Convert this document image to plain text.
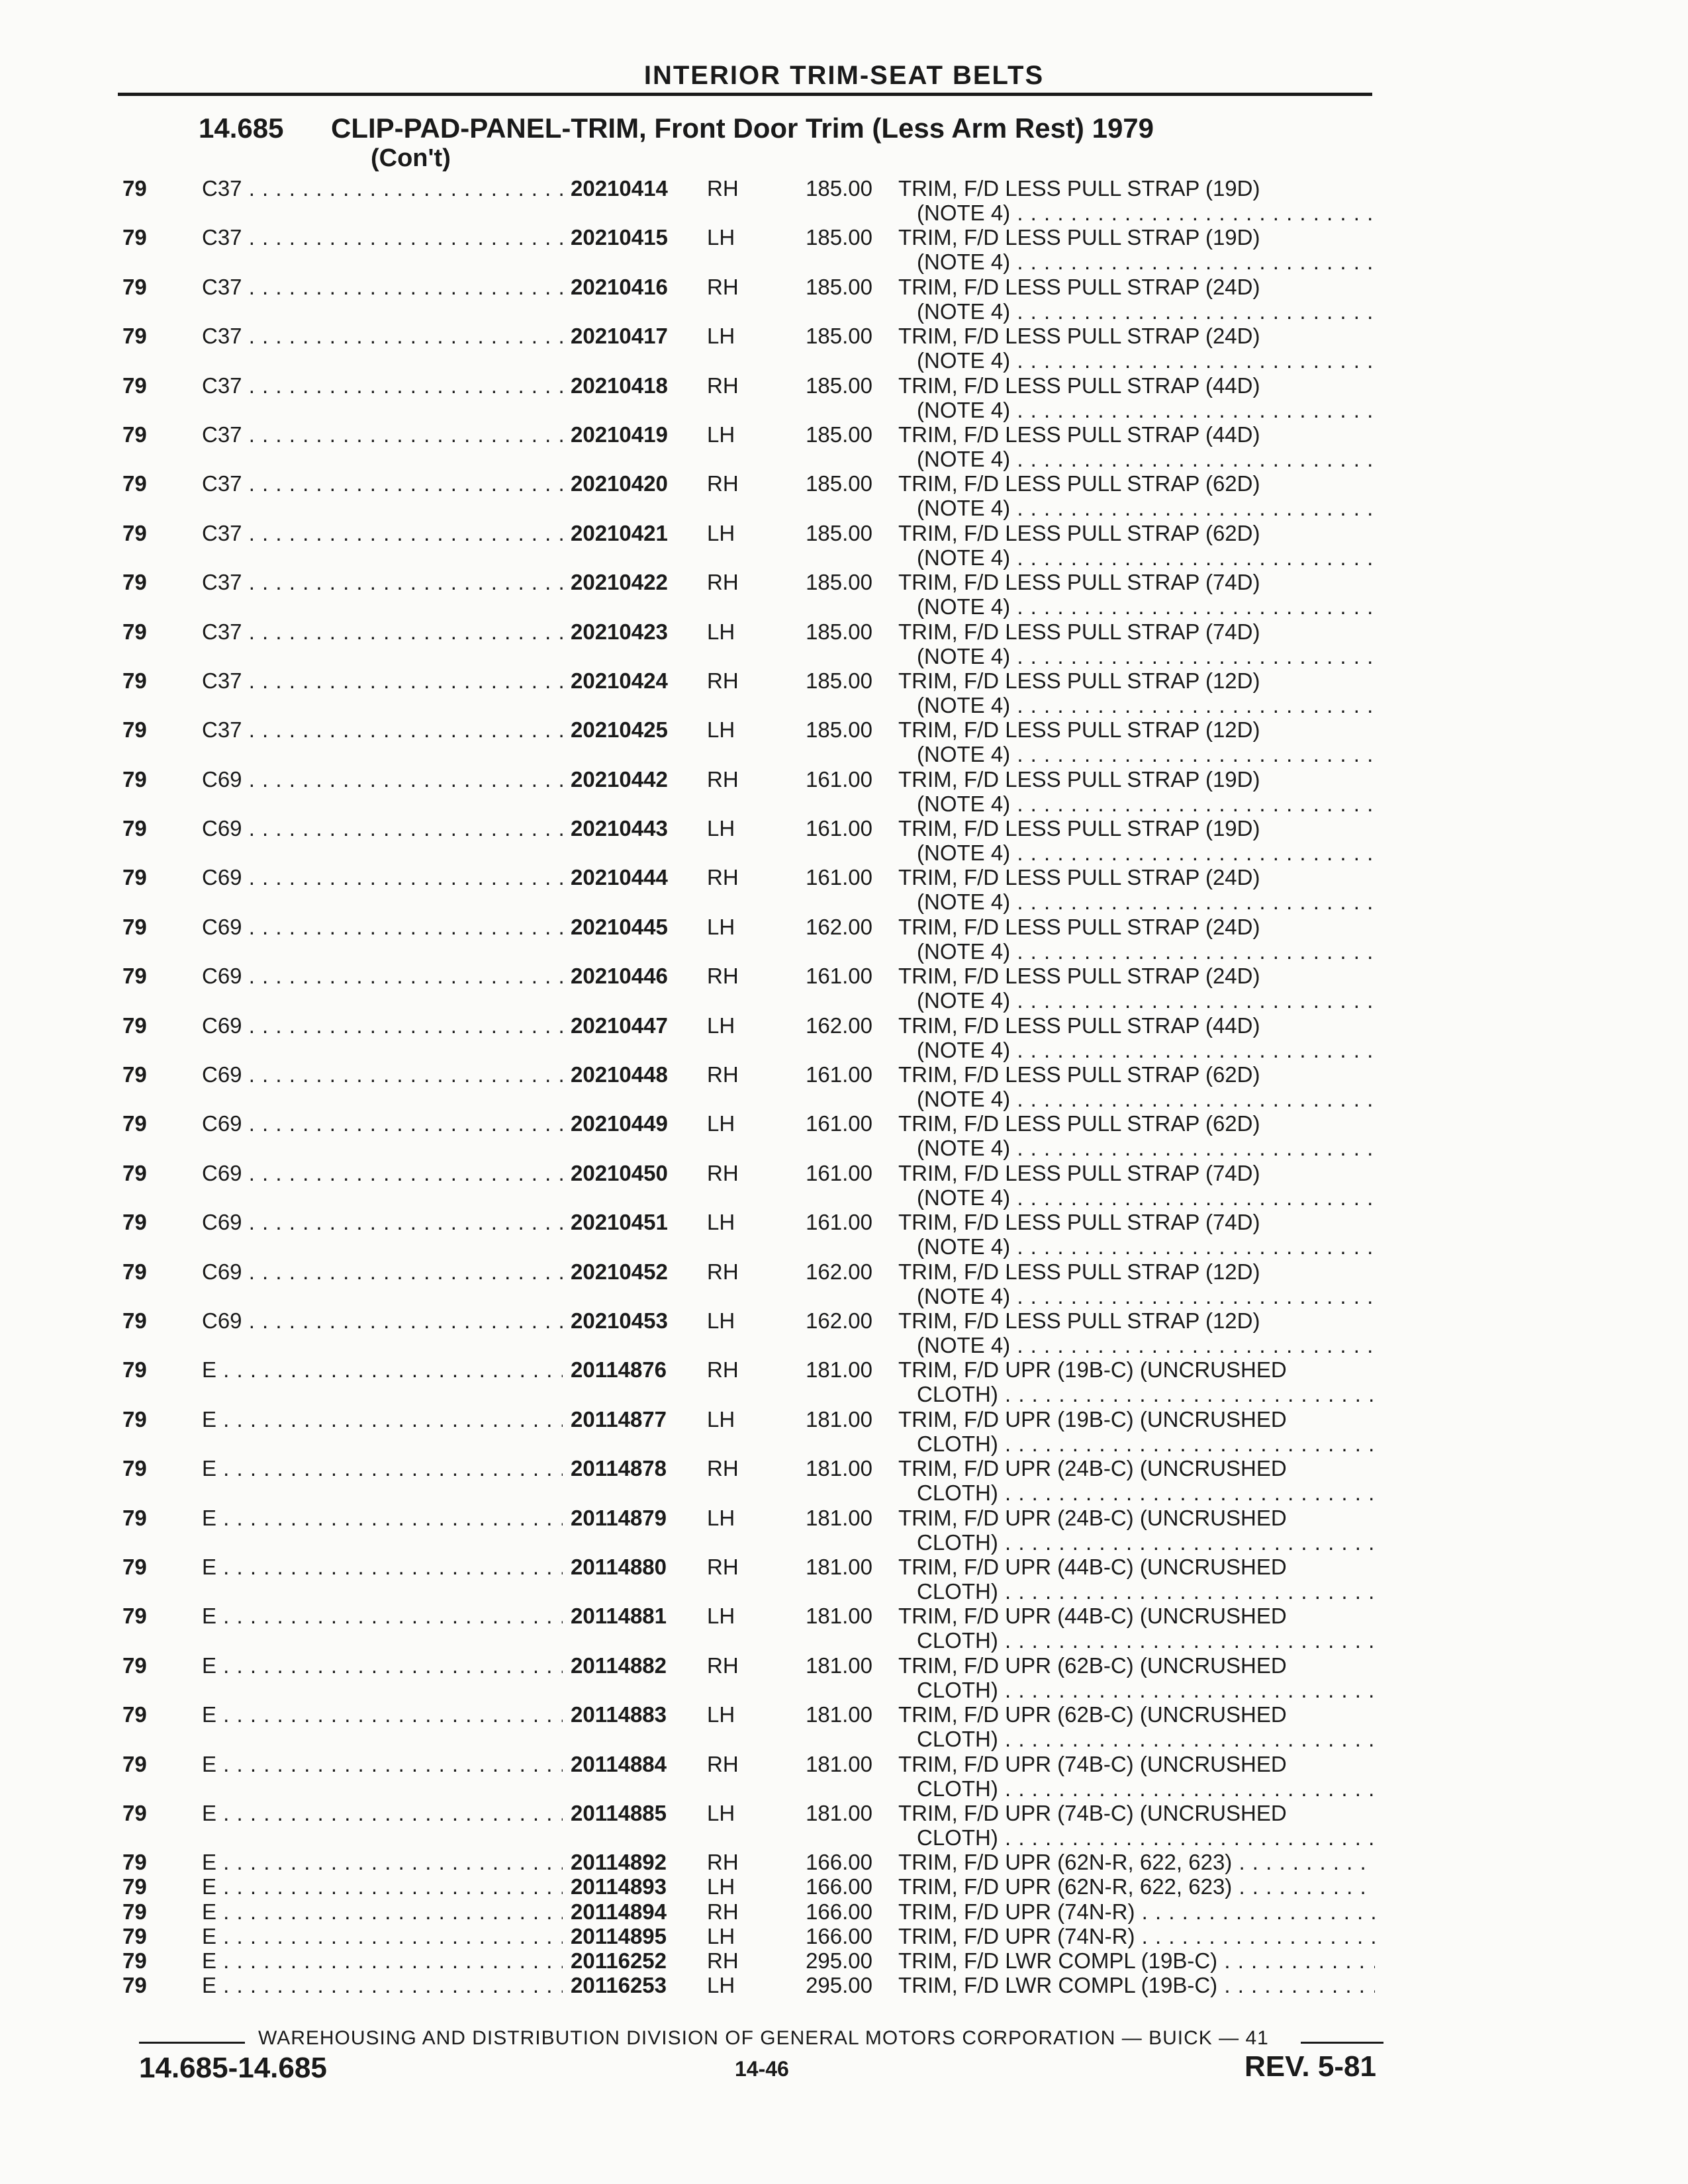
INTERIOR TRIM-SEAT BELTS
14.685 CLIP-PAD-PANEL-TRIM, Front Door Trim (Less Arm Rest) 1979
(Con't)
79	C37 . . .	20210414 RH	185.00 TRIM, F/D LESS PULL STRAP (19D)
(NOTE 4) . . .
79	C37 . . .	20210415 LH	185.00 TRIM, F/D LESS PULL STRAP (19D)
(NOTE 4) . . .
79	C37 . . .	20210416 RH	185.00 TRIM, F/D LESS PULL STRAP (24D)
(NOTE 4) . . .
79	C37 . . .	20210417 LH	185.00 TRIM, F/D LESS PULL STRAP (24D)
(NOTE 4) . . .
79	C37 . . .	20210418 RH	185.00 TRIM, F/D LESS PULL STRAP (44D)
(NOTE 4) . . .
79	C37 . . .	20210419 LH	185.00 TRIM, F/D LESS PULL STRAP (44D)
(NOTE 4) . . .
79	C37 . . .	20210420 RH	185.00 TRIM, F/D LESS PULL STRAP (62D)
(NOTE 4) . . .
79	C37 . . .	20210421 LH	185.00 TRIM, F/D LESS PULL STRAP (62D)
(NOTE 4) . . .
79	C37 . . .	20210422 RH	185.00 TRIM, F/D LESS PULL STRAP (74D)
(NOTE 4) . . .
79	C37 . . .	20210423 LH	185.00 TRIM, F/D LESS PULL STRAP (74D)
(NOTE 4) . . .
79	C37 . . .	20210424 RH	185.00 TRIM, F/D LESS PULL STRAP (12D)
(NOTE 4) . . .
79	C37 . . .	20210425 LH	185.00 TRIM, F/D LESS PULL STRAP (12D)
(NOTE 4) . . .
79	C69 . . .	20210442 RH	161.00 TRIM, F/D LESS PULL STRAP (19D)
(NOTE 4) . . .
79	C69 . . .	20210443 LH	161.00 TRIM, F/D LESS PULL STRAP (19D)
(NOTE 4) . . .
79	C69 . . .	20210444 RH	161.00 TRIM, F/D LESS PULL STRAP (24D)
(NOTE 4) . . .
79	C69 . . .	20210445 LH	162.00 TRIM, F/D LESS PULL STRAP (24D)
(NOTE 4) . . .
79	C69 . . .	20210446 RH	161.00 TRIM, F/D LESS PULL STRAP (24D)
(NOTE 4) . . .
79	C69 . . .	20210447 LH	162.00 TRIM, F/D LESS PULL STRAP (44D)
(NOTE 4) . . .
79	C69 . . .	20210448 RH	161.00 TRIM, F/D LESS PULL STRAP (62D)
(NOTE 4) . . .
79	C69 . . .	20210449 LH	161.00 TRIM, F/D LESS PULL STRAP (62D)
(NOTE 4) . . .
79	C69 . . .	20210450 RH	161.00 TRIM, F/D LESS PULL STRAP (74D)
(NOTE 4) . . .
79	C69 . . .	20210451 LH	161.00 TRIM, F/D LESS PULL STRAP (74D)
(NOTE 4) . . .
79	C69 . . .	20210452 RH	162.00 TRIM, F/D LESS PULL STRAP (12D)
(NOTE 4) . . .
79	C69 . . .	20210453 LH	162.00 TRIM, F/D LESS PULL STRAP (12D)
(NOTE 4) . . .
79	E . . .	20114876 RH	181.00 TRIM, F/D UPR (19B-C) (UNCRUSHED
CLOTH) . . .
79	E . . .	20114877 LH	181.00 TRIM, F/D UPR (19B-C) (UNCRUSHED
CLOTH) . . .
79	E . . .	20114878 RH	181.00 TRIM, F/D UPR (24B-C) (UNCRUSHED
CLOTH) . . .
79	E . . .	20114879 LH	181.00 TRIM, F/D UPR (24B-C) (UNCRUSHED
CLOTH) . . .
79	E . . .	20114880 RH	181.00 TRIM, F/D UPR (44B-C) (UNCRUSHED
CLOTH) . . .
79	E . . .	20114881 LH	181.00 TRIM, F/D UPR (44B-C) (UNCRUSHED
CLOTH) . . .
79	E . . .	20114882 RH	181.00 TRIM, F/D UPR (62B-C) (UNCRUSHED
CLOTH) . . .
79	E . . .	20114883 LH	181.00 TRIM, F/D UPR (62B-C) (UNCRUSHED
CLOTH) . . .
79	E . . .	20114884 RH	181.00 TRIM, F/D UPR (74B-C) (UNCRUSHED
CLOTH) . . .
79	E . . .	20114885 LH	181.00 TRIM, F/D UPR (74B-C) (UNCRUSHED
CLOTH) . . .
79	E . . .	20114892 RH	166.00 TRIM, F/D UPR (62N-R, 622, 623) . . .
79	E . . .	20114893 LH	166.00 TRIM, F/D UPR (62N-R, 622, 623) . . .
79	E . . .	20114894 RH	166.00 TRIM, F/D UPR (74N-R) . . .
79	E . . .	20114895 LH	166.00 TRIM, F/D UPR (74N-R) . . .
79	E . . .	20116252 RH	295.00 TRIM, F/D LWR COMPL (19B-C) . . .
79	E . . .	20116253 LH	295.00 TRIM, F/D LWR COMPL (19B-C) . . .
WAREHOUSING AND DISTRIBUTION DIVISION OF GENERAL MOTORS CORPORATION — BUICK — 41
14.685-14.685	14-46	REV. 5-81
